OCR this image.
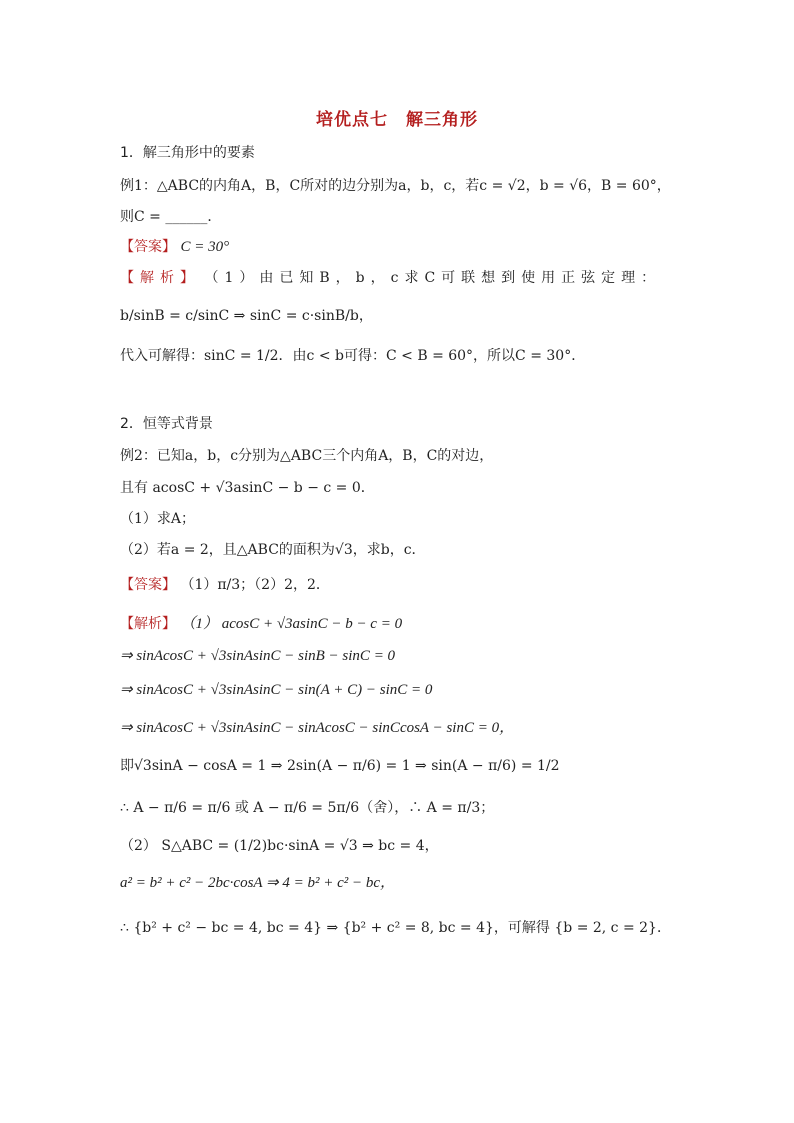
培优点七　解三角形
1．解三角形中的要素
例1：△ABC的内角A，B，C所对的边分别为a，b，c，若c = √2，b = √6，B = 60°，
则C = ______．
【答案】 C = 30°
【解析】 （1）由已知B，b，c求C可联想到使用正弦定理：
b/sinB = c/sinC ⇒ sinC = c·sinB/b，
代入可解得：sinC = 1/2．由c < b可得：C < B = 60°，所以C = 30°．
2．恒等式背景
例2：已知a，b，c分别为△ABC三个内角A，B，C的对边，
且有 acosC + √3asinC − b − c = 0．
（1）求A；
（2）若a = 2，且△ABC的面积为√3，求b，c．
【答案】 （1）π/3；（2）2，2．
【解析】 （1） acosC + √3asinC − b − c = 0
⇒ sinAcosC + √3sinAsinC − sinB − sinC = 0
⇒ sinAcosC + √3sinAsinC − sin(A + C) − sinC = 0
⇒ sinAcosC + √3sinAsinC − sinAcosC − sinCcosA − sinC = 0，
即√3sinA − cosA = 1 ⇒ 2sin(A − π/6) = 1 ⇒ sin(A − π/6) = 1/2
∴ A − π/6 = π/6 或 A − π/6 = 5π/6（舍），∴ A = π/3；
（2） S△ABC = (1/2)bc·sinA = √3 ⇒ bc = 4，
a² = b² + c² − 2bc·cosA ⇒ 4 = b² + c² − bc，
∴ {b² + c² − bc = 4, bc = 4} ⇒ {b² + c² = 8, bc = 4}，可解得 {b = 2, c = 2}．
